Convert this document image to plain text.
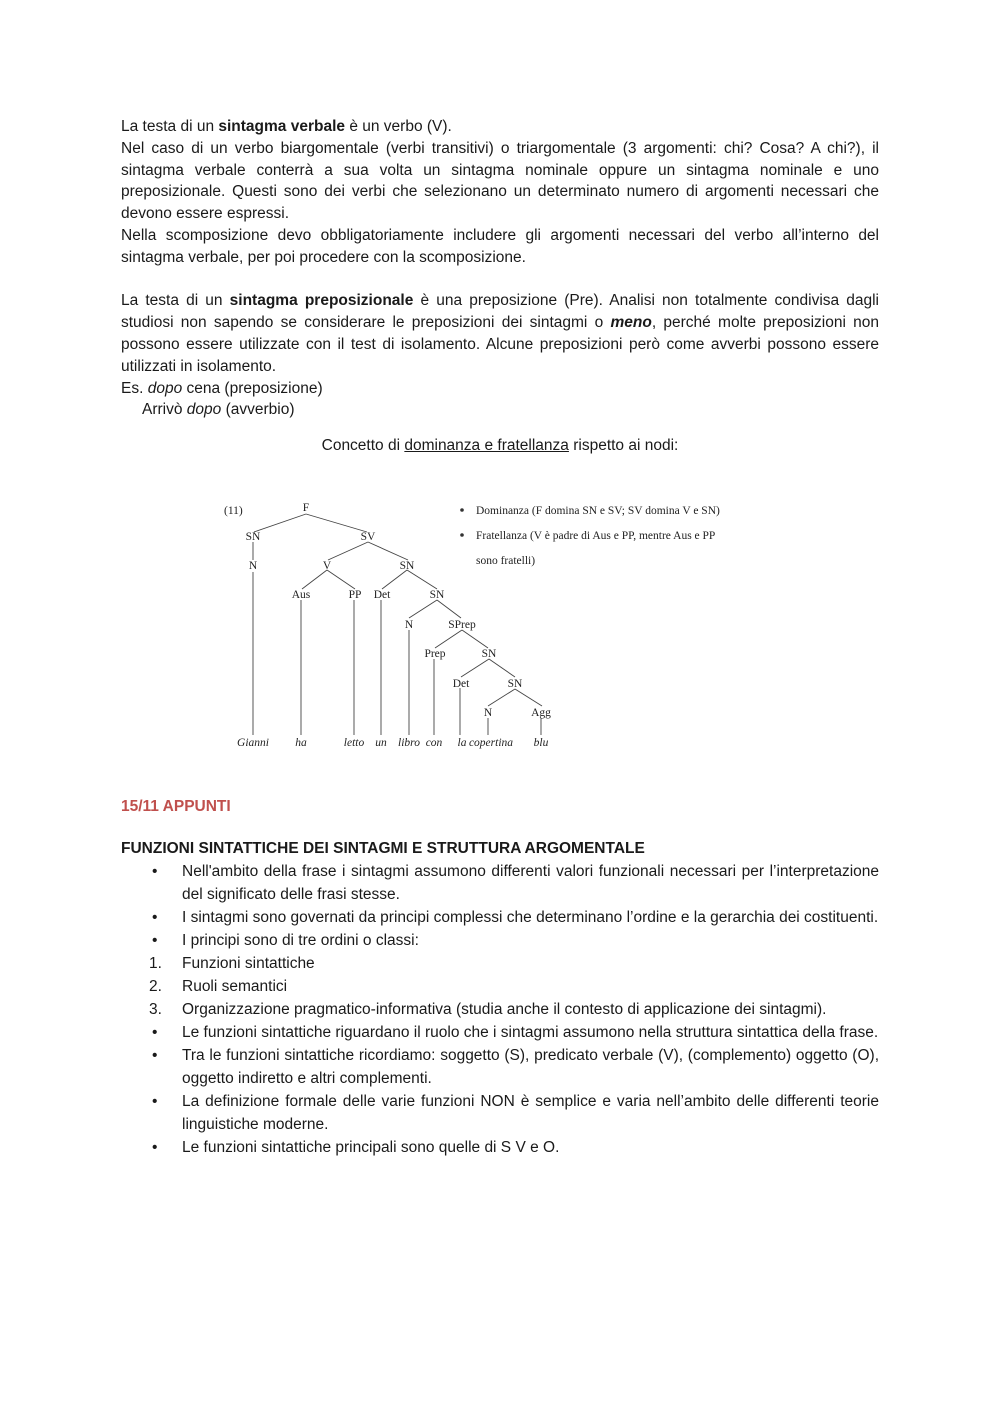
La testa di un sintagma verbale è un verbo (V).

Nel caso di un verbo biargomentale (verbi transitivi) o triargomentale (3 argomenti: chi? Cosa? A chi?), il sintagma verbale conterrà a sua volta un sintagma nominale oppure un sintagma nominale e uno preposizionale. Questi sono dei verbi che selezionano un determinato numero di argomenti necessari che devono essere espressi.

Nella scomposizione devo obbligatoriamente includere gli argomenti necessari del verbo all’interno del sintagma verbale, per poi procedere con la scomposizione.

La testa di un sintagma preposizionale è una preposizione (Pre). Analisi non totalmente condivisa dagli studiosi non sapendo se considerare le preposizioni dei sintagmi o meno, perché molte preposizioni non possono essere utilizzate con il test di isolamento. Alcune preposizioni però come avverbi possono essere utilizzati in isolamento.

Es. dopo cena (preposizione)

Arrivò dopo (avverbio)

Concetto di dominanza e fratellanza rispetto ai nodi:

(11)	F
SN	SV
N	V	SN
Aus	PP Det	SN
N	SPrep
Prep	SN
Det	SN
N	Agg
Gianni ha	letto un libro con la copertina blu
Dominanza (F domina SN e SV; SV domina V e SN)
Fratellanza (V è padre di Aus e PP, mentre Aus e PP
sono fratelli)

15/11 APPUNTI

FUNZIONI SINTATTICHE DEI SINTAGMI E STRUTTURA ARGOMENTALE

• Nell'ambito della frase i sintagmi assumono differenti valori funzionali necessari per l’interpretazione del significato delle frasi stesse.
• I sintagmi sono governati da principi complessi che determinano l’ordine e la gerarchia dei costituenti.
• I principi sono di tre ordini o classi:
1. Funzioni sintattiche
2. Ruoli semantici
3. Organizzazione pragmatico-informativa (studia anche il contesto di applicazione dei sintagmi).
• Le funzioni sintattiche riguardano il ruolo che i sintagmi assumono nella struttura sintattica della frase.
• Tra le funzioni sintattiche ricordiamo: soggetto (S), predicato verbale (V), (complemento) oggetto (O), oggetto indiretto e altri complementi.
• La definizione formale delle varie funzioni NON è semplice e varia nell’ambito delle differenti teorie linguistiche moderne.
• Le funzioni sintattiche principali sono quelle di S V e O.
